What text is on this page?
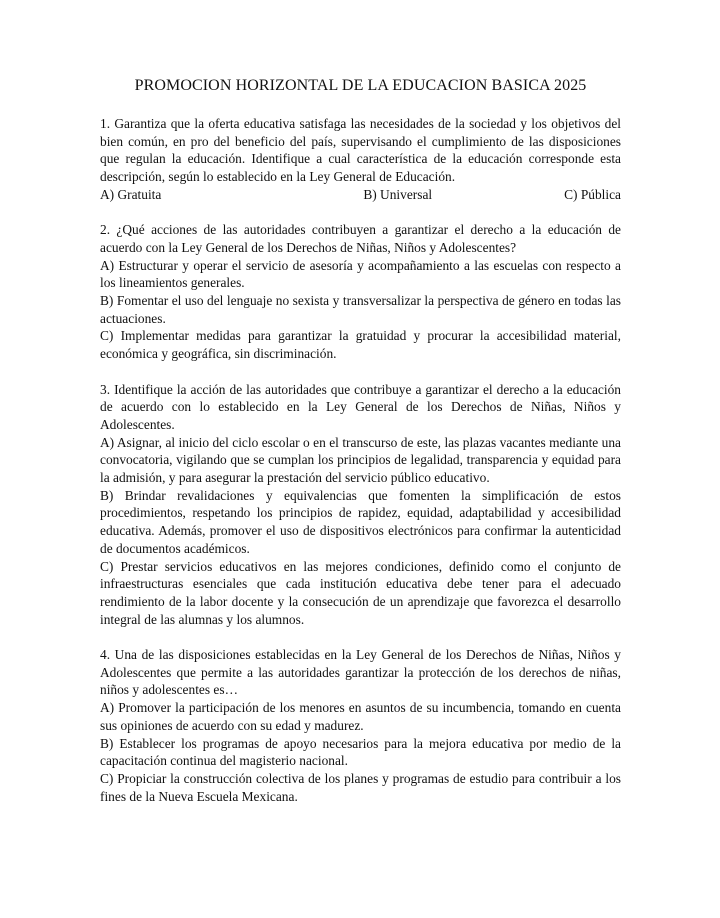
PROMOCION HORIZONTAL DE LA EDUCACION BASICA 2025

1. Garantiza que la oferta educativa satisfaga las necesidades de la sociedad y los objetivos del bien común, en pro del beneficio del país, supervisando el cumplimiento de las disposiciones que regulan la educación. Identifique a cual característica de la educación corresponde esta descripción, según lo establecido en la Ley General de Educación.

A) Gratuita	B) Universal	C) Pública

2. ¿Qué acciones de las autoridades contribuyen a garantizar el derecho a la educación de acuerdo con la Ley General de los Derechos de Niñas, Niños y Adolescentes?

A) Estructurar y operar el servicio de asesoría y acompañamiento a las escuelas con respecto a los lineamientos generales.

B) Fomentar el uso del lenguaje no sexista y transversalizar la perspectiva de género en todas las actuaciones.

C) Implementar medidas para garantizar la gratuidad y procurar la accesibilidad material, económica y geográfica, sin discriminación.

3. Identifique la acción de las autoridades que contribuye a garantizar el derecho a la educación de acuerdo con lo establecido en la Ley General de los Derechos de Niñas, Niños y Adolescentes.

A) Asignar, al inicio del ciclo escolar o en el transcurso de este, las plazas vacantes mediante una convocatoria, vigilando que se cumplan los principios de legalidad, transparencia y equidad para la admisión, y para asegurar la prestación del servicio público educativo.

B) Brindar revalidaciones y equivalencias que fomenten la simplificación de estos procedimientos, respetando los principios de rapidez, equidad, adaptabilidad y accesibilidad educativa. Además, promover el uso de dispositivos electrónicos para confirmar la autenticidad de documentos académicos.

C) Prestar servicios educativos en las mejores condiciones, definido como el conjunto de infraestructuras esenciales que cada institución educativa debe tener para el adecuado rendimiento de la labor docente y la consecución de un aprendizaje que favorezca el desarrollo integral de las alumnas y los alumnos.

4. Una de las disposiciones establecidas en la Ley General de los Derechos de Niñas, Niños y Adolescentes que permite a las autoridades garantizar la protección de los derechos de niñas, niños y adolescentes es…

A) Promover la participación de los menores en asuntos de su incumbencia, tomando en cuenta sus opiniones de acuerdo con su edad y madurez.

B) Establecer los programas de apoyo necesarios para la mejora educativa por medio de la capacitación continua del magisterio nacional.

C) Propiciar la construcción colectiva de los planes y programas de estudio para contribuir a los fines de la Nueva Escuela Mexicana.
